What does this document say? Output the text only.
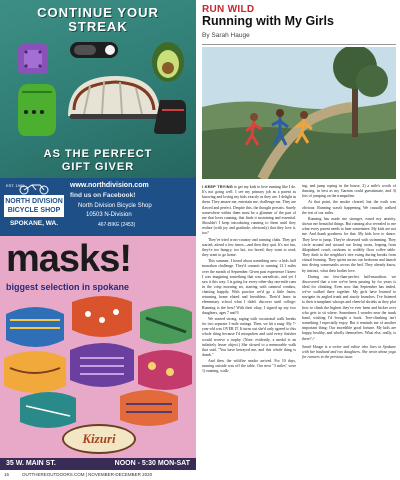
CONTINUE YOUR
STREAK
AS THE PERFECT
GIFT GIVER
EST. 1980
NORTH DIVISION
BICYCLE SHOP
SPOKANE, WA.
www.northdivision.com
find us on Facebook!
North Division Bicycle Shop
10503 N-Division
467-BIKE (2453)
masks!
biggest selection in spokane
Kizuri
35 W. MAIN ST.	NOON - 5:30 MON-SAT
RUN WILD
Running with My Girls
By Sarah Hauge

I KEEP TRYING to get my kids to love running like I do. It's not going well. I see my primary job as a parent as knowing and loving my kids exactly as they are. I delight in them. They amaze me, entertain me, challenge me. They are flawed and perfect. Despite this, the thought persists. Surely somewhere within them must be a glimmer of the part of me that loves running, that finds it sustaining and essential. Shouldn't I keep introducing running to them until they realize (with joy and gratitude, obviously) that they love it, too?

They've tried cross-country and running clubs. They get started, attend a few times—and then they quit. It's not fun, they're too hungry, too hot, too bored; they want to read; they want to go home.

This summer, I heard about something new: a kids half marathon challenge. They'd commit to running 13.1 miles over the month of September. Given past experience I knew I was imagining something that was unrealistic, and yet I saw it this way: I is going for every-other-day one-mile runs in the crisp morning air, starting with oatmeal combos, chatting happily. With practice we'd go a little faster, returning home elated and breathless. Their'd learn in elementary school what I didn't discover until college: Running is the best! With their okay, I signed up my two daughters, ages 7 and 9.

We started strong, raging with occasional walk breaks for two separate 1-mile outings. Then, we hit a snag: My 7-year-old was OVER IT. It turns out she'd only agreed to this whole thing because I'd misspoken and said every finisher would receive a trophy. (Note: evidently, a medal is an infinitely lesser object.) She slowed to a memorable walk that said, "You have betrayed me, and this whole thing is dumb."

And then, the wildfire smoke arrived. For 10 days, running outside was off the table. Our next "3 miles" were 1) running, walk-

ing, and jump roping in the house, 2) a mile's worth of dancing, in best as my Garmin could guesstimate, and 3) lots of jumping on the trampoline.

At that point, the smoke cleared, but the truth was obvious: Running wasn't happening. We casually walked the rest of our miles.

Running has made me stronger, eased my anxiety, shown me beautiful things. But running also revealed to me what every parent needs to hear sometimes: My kids are not me. And thank goodness for that. My kids love to dance. They love to jump. They're obsessed with swimming. They circle around and around our living room, leaping from dilapidated couch cushions to wobbly floor coffee table. They dash to the neighbor's tree swing during breaks from virtual learning. They sprint across our bedroom and launch into diving somersaults across the bed. They already know, by instinct, what their bodies love.

During our less-than-perfect half-marathon, we discovered that a tree we've been passing by for years is ideal for climbing. Even now that September has ended, we've walked there together. My girls have learned to navigate its angled trunk and sturdy branches. I've listened to their triumphant whoops and cheerful shrieks as they plot how to climb the highest they've ever been and bicker over who gets to sit where. Sometimes I wonder near the trunk hand, wishing I'd brought a book. Tree-climbing isn't something I especially enjoy. But it reminds me of another important thing: Our incredible good fortune. My kids are happy, healthy, and wholly themselves. What else, really, is there? //

Sarah Hauge is a writer and editor who lives in Spokane with her husband and two daughters. She wrote about yoga for runners in the previous issue.

16	OUTTHEREOUTDOORS.COM | NOVEMBER-DECEMBER 2020
